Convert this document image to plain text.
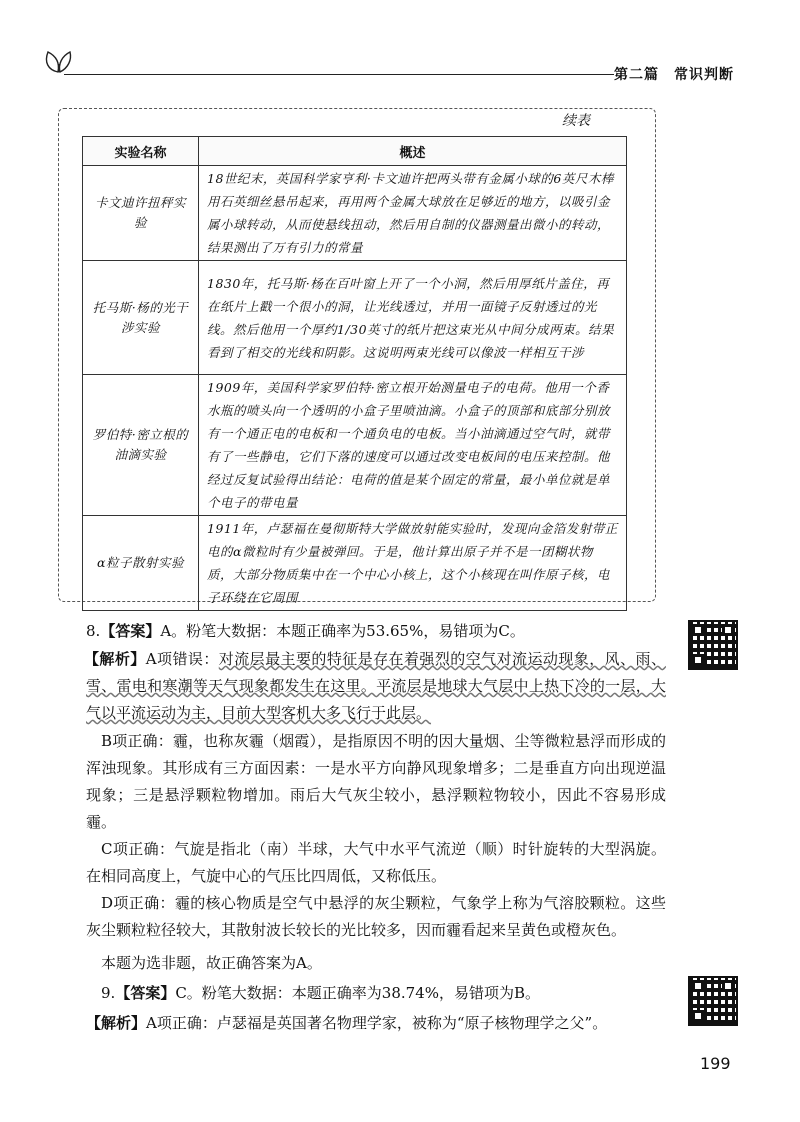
第二篇　常识判断
续表
实验名称	概述
卡文迪许扭秤实验	18世纪末，英国科学家亨利·卡文迪许把两头带有金属小球的6英尺木棒用石英细丝悬吊起来，再用两个金属大球放在足够近的地方，以吸引金属小球转动，从而使悬线扭动，然后用自制的仪器测量出微小的转动，结果测出了万有引力的常量
托马斯·杨的光干涉实验	1830年，托马斯·杨在百叶窗上开了一个小洞，然后用厚纸片盖住，再在纸片上戳一个很小的洞，让光线透过，并用一面镜子反射透过的光线。然后他用一个厚约1/30英寸的纸片把这束光从中间分成两束。结果看到了相交的光线和阴影。这说明两束光线可以像波一样相互干涉
罗伯特·密立根的油滴实验	1909年，美国科学家罗伯特·密立根开始测量电子的电荷。他用一个香水瓶的喷头向一个透明的小盒子里喷油滴。小盒子的顶部和底部分别放有一个通正电的电板和一个通负电的电板。当小油滴通过空气时，就带有了一些静电，它们下落的速度可以通过改变电板间的电压来控制。他经过反复试验得出结论：电荷的值是某个固定的常量，最小单位就是单个电子的带电量
α粒子散射实验	1911年，卢瑟福在曼彻斯特大学做放射能实验时，发现向金箔发射带正电的α微粒时有少量被弹回。于是，他计算出原子并不是一团糊状物质，大部分物质集中在一个中心小核上，这个小核现在叫作原子核，电子环绕在它周围
8.【答案】A。粉笔大数据：本题正确率为53.65%，易错项为C。
【解析】A项错误：对流层最主要的特征是存在着强烈的空气对流运动现象，风、雨、雪、雷电和寒潮等天气现象都发生在这里。平流层是地球大气层中上热下冷的一层，大气以平流运动为主，目前大型客机大多飞行于此层。
B项正确：霾，也称灰霾（烟霞），是指原因不明的因大量烟、尘等微粒悬浮而形成的浑浊现象。其形成有三方面因素：一是水平方向静风现象增多；二是垂直方向出现逆温现象；三是悬浮颗粒物增加。雨后大气灰尘较小，悬浮颗粒物较小，因此不容易形成霾。
C项正确：气旋是指北（南）半球，大气中水平气流逆（顺）时针旋转的大型涡旋。在相同高度上，气旋中心的气压比四周低，又称低压。
D项正确：霾的核心物质是空气中悬浮的灰尘颗粒，气象学上称为气溶胶颗粒。这些灰尘颗粒粒径较大，其散射波长较长的光比较多，因而霾看起来呈黄色或橙灰色。
本题为选非题，故正确答案为A。
9.【答案】C。粉笔大数据：本题正确率为38.74%，易错项为B。
【解析】A项正确：卢瑟福是英国著名物理学家，被称为“原子核物理学之父”。
199
